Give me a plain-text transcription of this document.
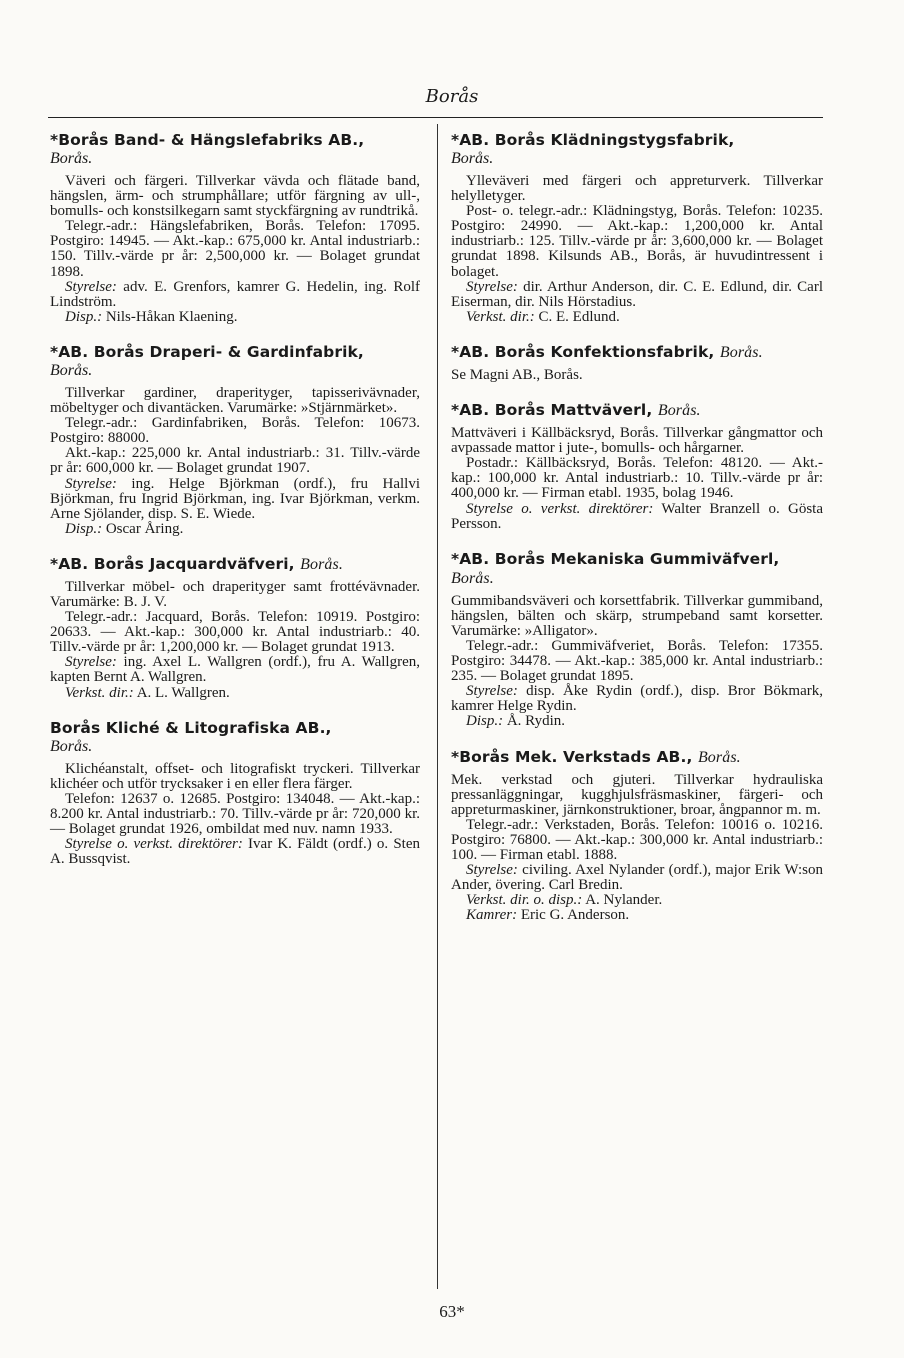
Borås
*Borås Band- & Hängslefabriks AB.,
Borås.
Väveri och färgeri. Tillverkar vävda och flätade band, hängslen, ärm- och strumphållare; utför färgning av ull-, bomulls- och konstsilkegarn samt styckfärgning av rundtrikå.
Telegr.-adr.: Hängslefabriken, Borås. Telefon: 17095. Postgiro: 14945. — Akt.-kap.: 675,000 kr. Antal industriarb.: 150. Tillv.-värde pr år: 2,500,000 kr. — Bolaget grundat 1898.
Styrelse: adv. E. Grenfors, kamrer G. Hedelin, ing. Rolf Lindström.
Disp.: Nils-Håkan Klaening.
*AB. Borås Draperi- & Gardinfabrik,
Borås.
Tillverkar gardiner, draperityger, tapisserivävnader, möbeltyger och divantäcken. Varumärke: »Stjärnmärket».
Telegr.-adr.: Gardinfabriken, Borås. Telefon: 10673. Postgiro: 88000.
Akt.-kap.: 225,000 kr. Antal industriarb.: 31. Tillv.-värde pr år: 600,000 kr. — Bolaget grundat 1907.
Styrelse: ing. Helge Björkman (ordf.), fru Hallvi Björkman, fru Ingrid Björkman, ing. Ivar Björkman, verkm. Arne Sjölander, disp. S. E. Wiede.
Disp.: Oscar Åring.
*AB. Borås Jacquardväfveri, Borås.
Tillverkar möbel- och draperityger samt frottévävnader. Varumärke: B. J. V.
Telegr.-adr.: Jacquard, Borås. Telefon: 10919. Postgiro: 20633. — Akt.-kap.: 300,000 kr. Antal industriarb.: 40. Tillv.-värde pr år: 1,200,000 kr. — Bolaget grundat 1913.
Styrelse: ing. Axel L. Wallgren (ordf.), fru A. Wallgren, kapten Bernt A. Wallgren.
Verkst. dir.: A. L. Wallgren.
Borås Kliché & Litografiska AB.,
Borås.
Klichéanstalt, offset- och litografiskt tryckeri. Tillverkar klichéer och utför trycksaker i en eller flera färger.
Telefon: 12637 o. 12685. Postgiro: 134048. — Akt.-kap.: 8.200 kr. Antal industriarb.: 70. Tillv.-värde pr år: 720,000 kr. — Bolaget grundat 1926, ombildat med nuv. namn 1933.
Styrelse o. verkst. direktörer: Ivar K. Fäldt (ordf.) o. Sten A. Bussqvist.
*AB. Borås Klädningstygsfabrik,
Borås.
Ylleväveri med färgeri och appreturverk. Tillverkar helylletyger.
Post- o. telegr.-adr.: Klädningstyg, Borås. Telefon: 10235. Postgiro: 24990. — Akt.-kap.: 1,200,000 kr. Antal industriarb.: 125. Tillv.-värde pr år: 3,600,000 kr. — Bolaget grundat 1898. Kilsunds AB., Borås, är huvudintressent i bolaget.
Styrelse: dir. Arthur Anderson, dir. C. E. Edlund, dir. Carl Eiserman, dir. Nils Hörstadius.
Verkst. dir.: C. E. Edlund.
*AB. Borås Konfektionsfabrik, Borås.
Se Magni AB., Borås.
*AB. Borås Mattväverl, Borås.
Mattväveri i Källbäcksryd, Borås. Tillverkar gångmattor och avpassade mattor i jute-, bomulls- och hårgarner.
Postadr.: Källbäcksryd, Borås. Telefon: 48120. — Akt.-kap.: 100,000 kr. Antal industriarb.: 10. Tillv.-värde pr år: 400,000 kr. — Firman etabl. 1935, bolag 1946.
Styrelse o. verkst. direktörer: Walter Branzell o. Gösta Persson.
*AB. Borås Mekaniska Gummiväfverl, Borås.
Gummibandsväveri och korsettfabrik. Tillverkar gummiband, hängslen, bälten och skärp, strumpeband samt korsetter. Varumärke: »Alligator».
Telegr.-adr.: Gummiväfveriet, Borås. Telefon: 17355. Postgiro: 34478. — Akt.-kap.: 385,000 kr. Antal industriarb.: 235. — Bolaget grundat 1895.
Styrelse: disp. Åke Rydin (ordf.), disp. Bror Bökmark, kamrer Helge Rydin.
Disp.: Å. Rydin.
*Borås Mek. Verkstads AB., Borås.
Mek. verkstad och gjuteri. Tillverkar hydrauliska pressanläggningar, kugghjulsfräsmaskiner, färgeri- och appreturmaskiner, järnkonstruktioner, broar, ångpannor m. m.
Telegr.-adr.: Verkstaden, Borås. Telefon: 10016 o. 10216. Postgiro: 76800. — Akt.-kap.: 300,000 kr. Antal industriarb.: 100. — Firman etabl. 1888.
Styrelse: civiling. Axel Nylander (ordf.), major Erik W:son Ander, övering. Carl Bredin.
Verkst. dir. o. disp.: A. Nylander.
Kamrer: Eric G. Anderson.
63*
